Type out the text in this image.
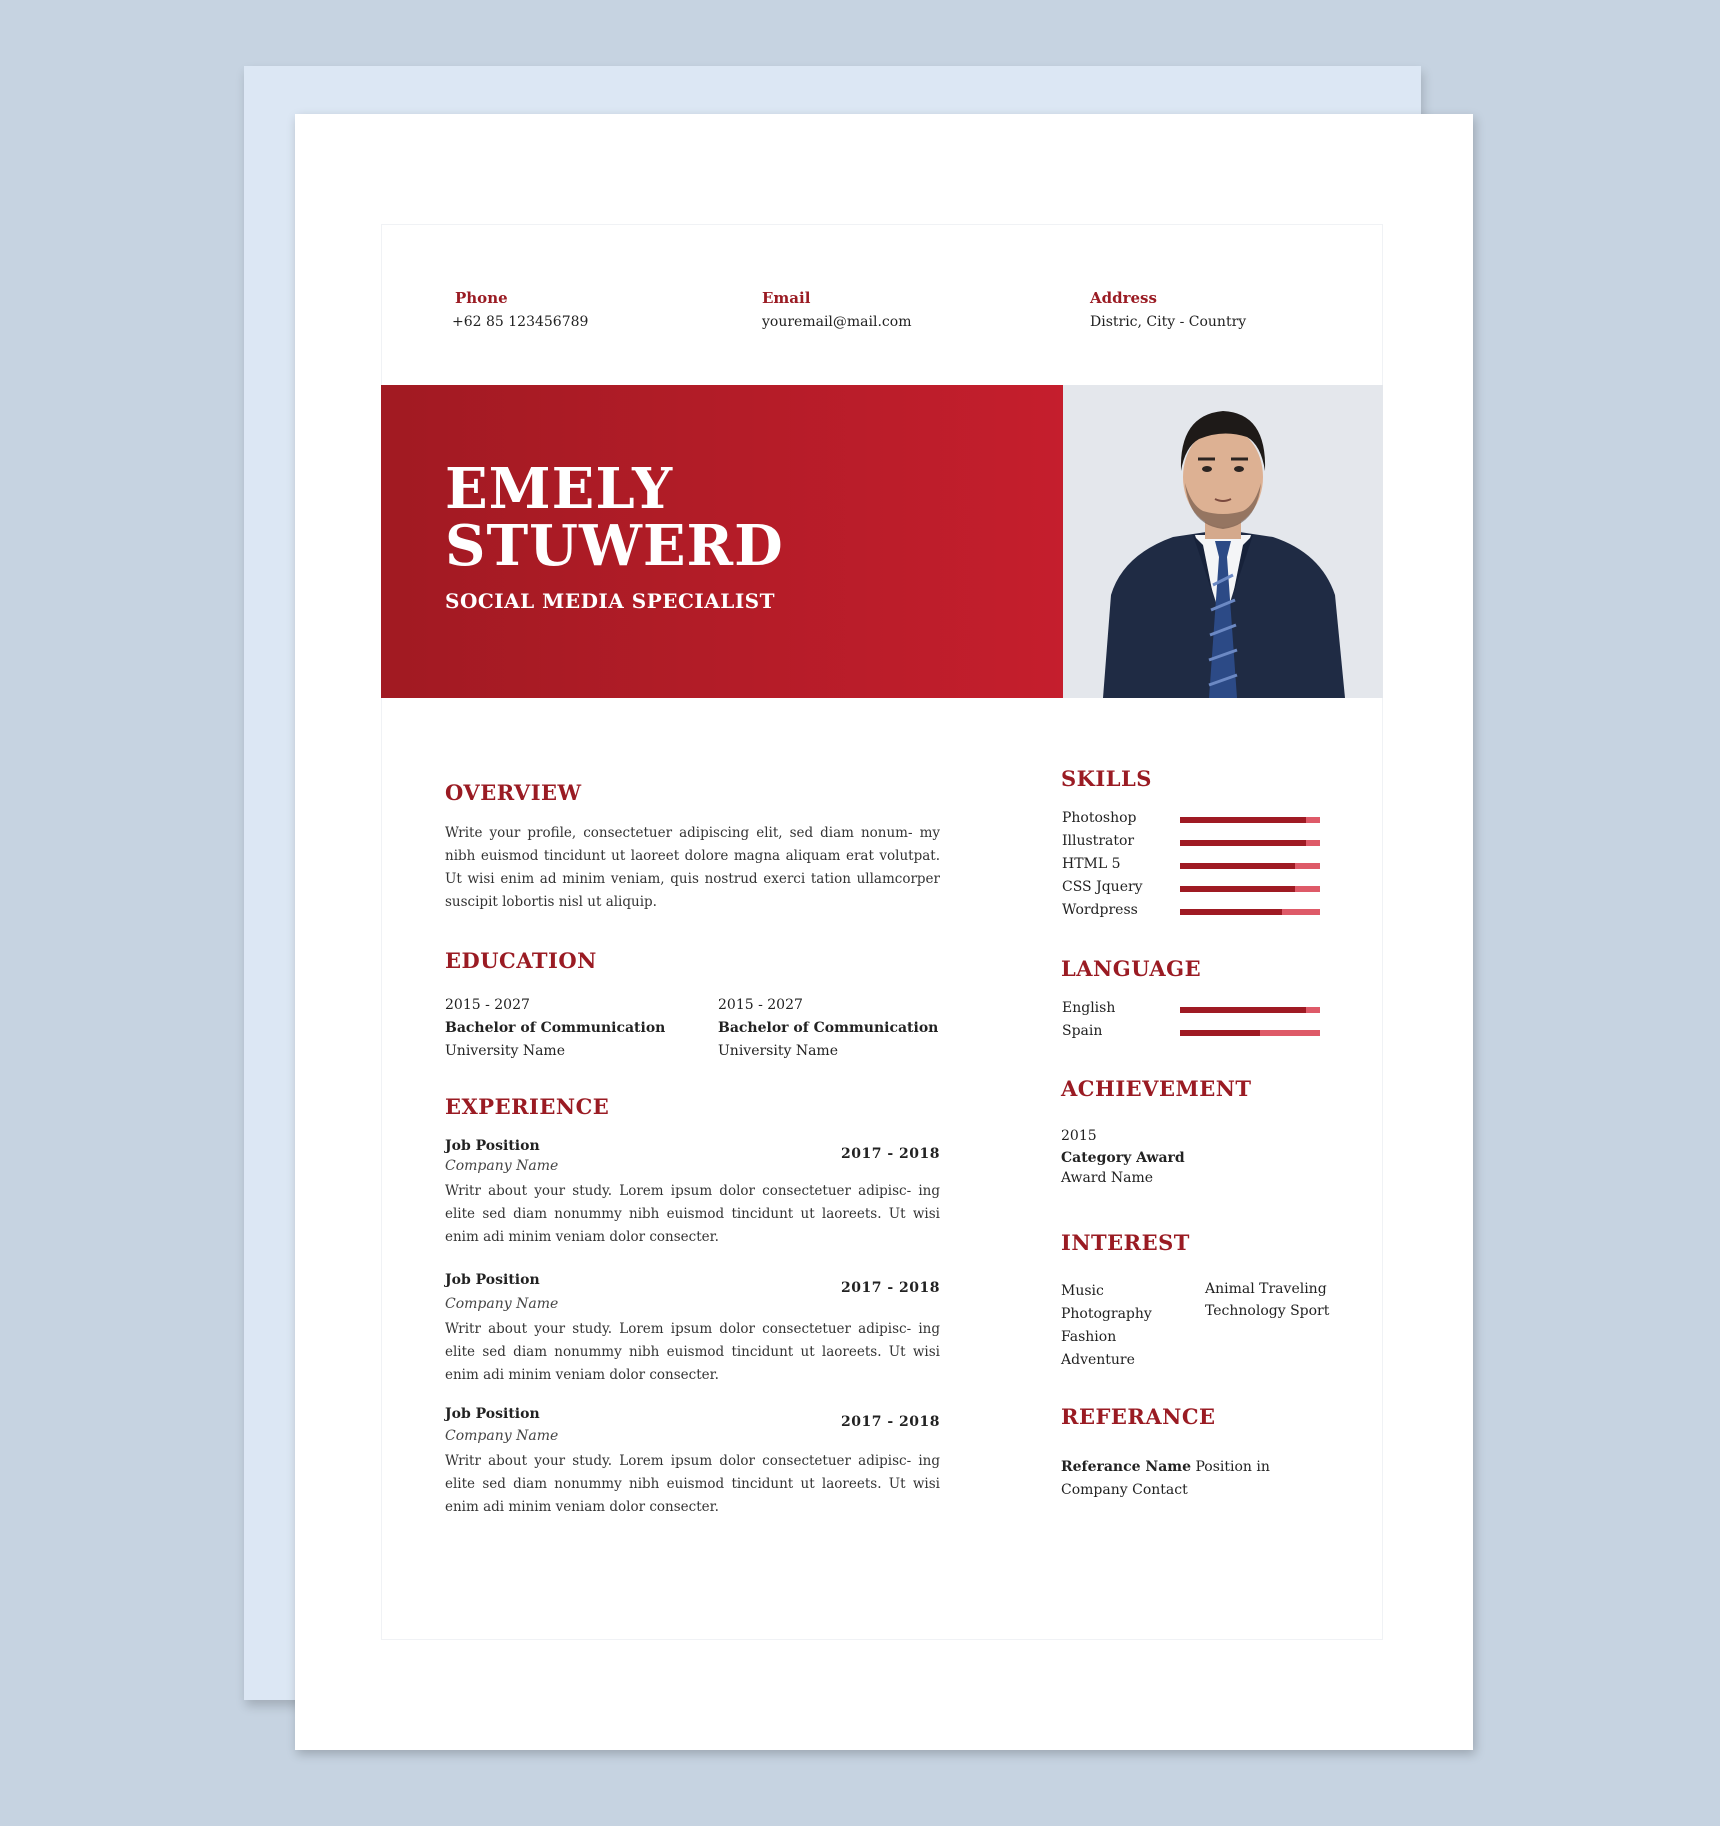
Phone
+62 85 123456789
Email
youremail@mail.com
Address
Distric, City - Country
EMELY
STUWERD
SOCIAL MEDIA SPECIALIST
OVERVIEW
Write your profile, consectetuer adipiscing elit, sed diam nonum- my nibh euismod tincidunt ut laoreet dolore magna aliquam erat volutpat. Ut wisi enim ad minim veniam, quis nostrud exerci tation ullamcorper suscipit lobortis nisl ut aliquip.
EDUCATION
2015 - 2027
Bachelor of Communication
University Name
2015 - 2027
Bachelor of Communication
University Name
EXPERIENCE
Job Position
Company Name
2017 - 2018
Writr about your study. Lorem ipsum dolor consectetuer adipisc- ing elite sed diam nonummy nibh euismod tincidunt ut laoreets. Ut wisi enim adi minim veniam dolor consecter.
Job Position
Company Name
2017 - 2018
Writr about your study. Lorem ipsum dolor consectetuer adipisc- ing elite sed diam nonummy nibh euismod tincidunt ut laoreets. Ut wisi enim adi minim veniam dolor consecter.
Job Position
Company Name
2017 - 2018
Writr about your study. Lorem ipsum dolor consectetuer adipisc- ing elite sed diam nonummy nibh euismod tincidunt ut laoreets. Ut wisi enim adi minim veniam dolor consecter.
SKILLS
Photoshop
Illustrator
HTML 5
CSS Jquery
Wordpress
LANGUAGE
English
Spain
ACHIEVEMENT
2015
Category Award
Award Name
INTEREST
Music
Photography
Fashion
Adventure
Animal Traveling
Technology Sport
REFERANCE
Referance Name Position in
Company Contact
